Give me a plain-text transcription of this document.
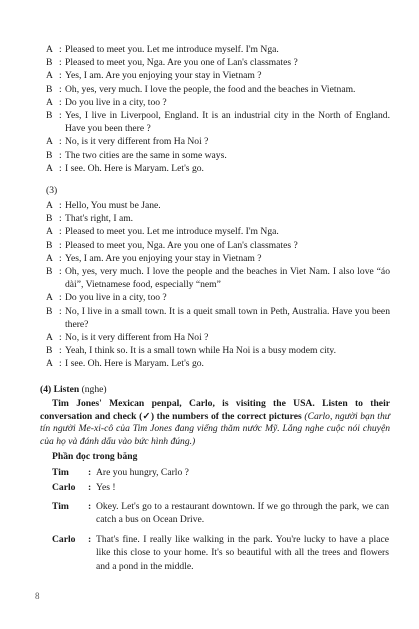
A : Pleased to meet you. Let me introduce myself. I'm Nga.
B : Pleased to meet you, Nga. Are you one of Lan's classmates ?
A : Yes, I am. Are you enjoying your stay in Vietnam ?
B : Oh, yes, very much. I love the people, the food and the beaches in Vietnam.
A : Do you live in a city, too ?
B : Yes, I live in Liverpool, England. It is an industrial city in the North of England. Have you been there ?
A : No, is it very different from Ha Noi ?
B : The two cities are the same in some ways.
A : I see. Oh. Here is Maryam. Let's go.
(3)
A : Hello, You must be Jane.
B : That's right, I am.
A : Pleased to meet you. Let me introduce myself. I'm Nga.
B : Pleased to meet you, Nga. Are you one of Lan's classmates ?
A : Yes, I am. Are you enjoying your stay in Vietnam ?
B : Oh, yes, very much. I love the people and the beaches in Viet Nam. I also love “áo dài”, Vietnamese food, especially “nem”
A : Do you live in a city, too ?
B : No, I live in a small town. It is a queit small town in Peth, Australia. Have you been there?
A : No, is it very different from Ha Noi ?
B : Yeah, I think so. It is a small town while Ha Noi is a busy modem city.
A : I see. Oh. Here is Maryam. Let's go.
(4) Listen (nghe)
Tim Jones' Mexican penpal, Carlo, is visiting the USA. Listen to their conversation and check (✓) the numbers of the correct pictures (Carlo, người bạn thư tín người Me-xi-cô của Tim Jones đang viếng thăm nước Mỹ. Lắng nghe cuộc nói chuyện của họ và đánh dấu vào bức hình đúng.)
Phần đọc trong băng
Tim	: Are you hungry, Carlo ?
Carlo	: Yes !
Tim	: Okey. Let's go to a restaurant downtown. If we go through the park, we can catch a bus on Ocean Drive.
Carlo	: That's fine. I really like walking in the park. You're lucky to have a place like this close to your home. It's so beautiful with all the trees and flowers and a pond in the middle.
8
